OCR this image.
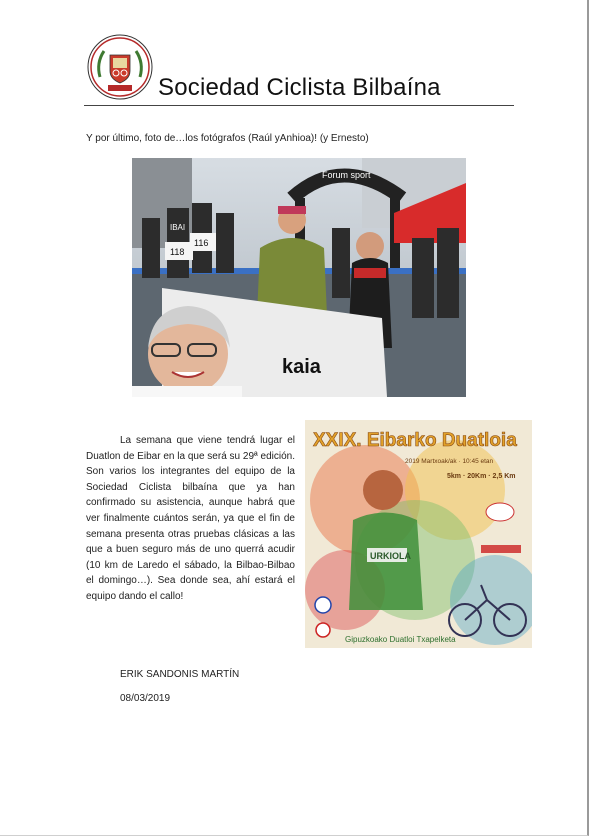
Sociedad Ciclista Bilbaína
Y por último, foto de…los fotógrafos (Raúl yAnhioa)! (y Ernesto)
Forum sport
118
116
IBAI
kaia
La semana que viene tendrá lugar el Duatlon de Eibar en la que será su 29ª edición. Son varios los integrantes del equipo de la Sociedad Ciclista bilbaína que ya han confirmado su asistencia, aunque habrá que ver finalmente cuántos serán, ya que el fin de semana presenta otras pruebas clásicas a las que a buen seguro más de uno querrá acudir (10 km de Laredo el sábado, la Bilbao-Bilbao el domingo…). Sea donde sea, ahí estará el equipo dando el callo!
XXIX. Eibarko Duatloia
2019 Martxoak/ak · 10:45 etan
5km · 20Km · 2,5 Km
URKIOLA
Gipuzkoako Duatloi Txapelketa
ERIK SANDONIS MARTÍN
08/03/2019
